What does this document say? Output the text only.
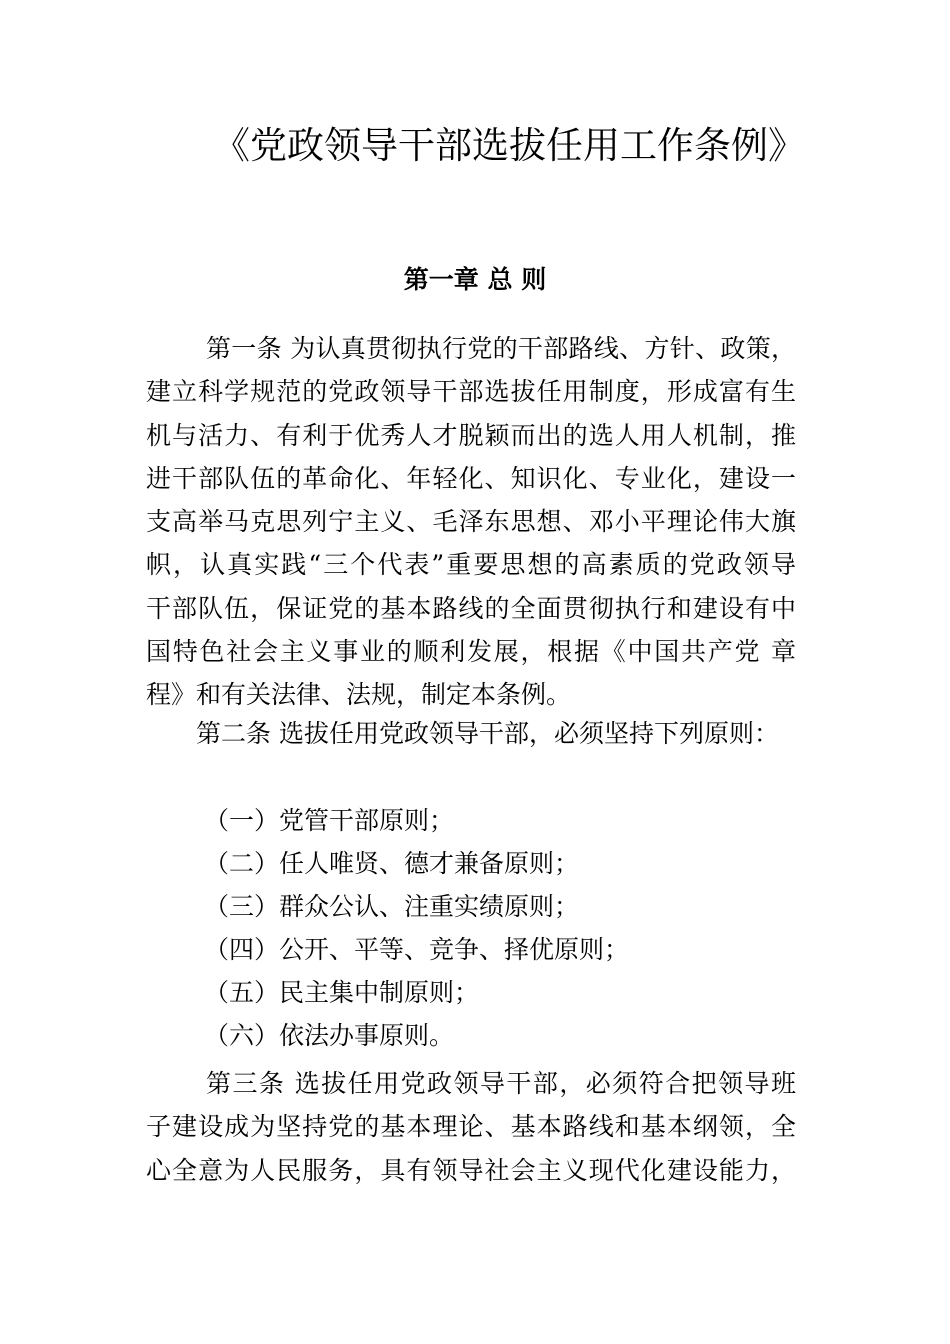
《党政领导干部选拔任用工作条例》
第一章 总 则
第一条 为认真贯彻执行党的干部路线、方针、政策，
建立科学规范的党政领导干部选拔任用制度，形成富有生
机与活力、有利于优秀人才脱颖而出的选人用人机制，推
进干部队伍的革命化、年轻化、知识化、专业化，建设一
支高举马克思列宁主义、毛泽东思想、邓小平理论伟大旗
帜，认真实践“三个代表”重要思想的高素质的党政领导
干部队伍，保证党的基本路线的全面贯彻执行和建设有中
国特色社会主义事业的顺利发展，根据《中国共产党 章
程》和有关法律、法规，制定本条例。
第二条 选拔任用党政领导干部，必须坚持下列原则：
（一）党管干部原则；
（二）任人唯贤、德才兼备原则；
（三）群众公认、注重实绩原则；
（四）公开、平等、竞争、择优原则；
（五）民主集中制原则；
（六）依法办事原则。
第三条 选拔任用党政领导干部，必须符合把领导班
子建设成为坚持党的基本理论、基本路线和基本纲领，全
心全意为人民服务，具有领导社会主义现代化建设能力，
